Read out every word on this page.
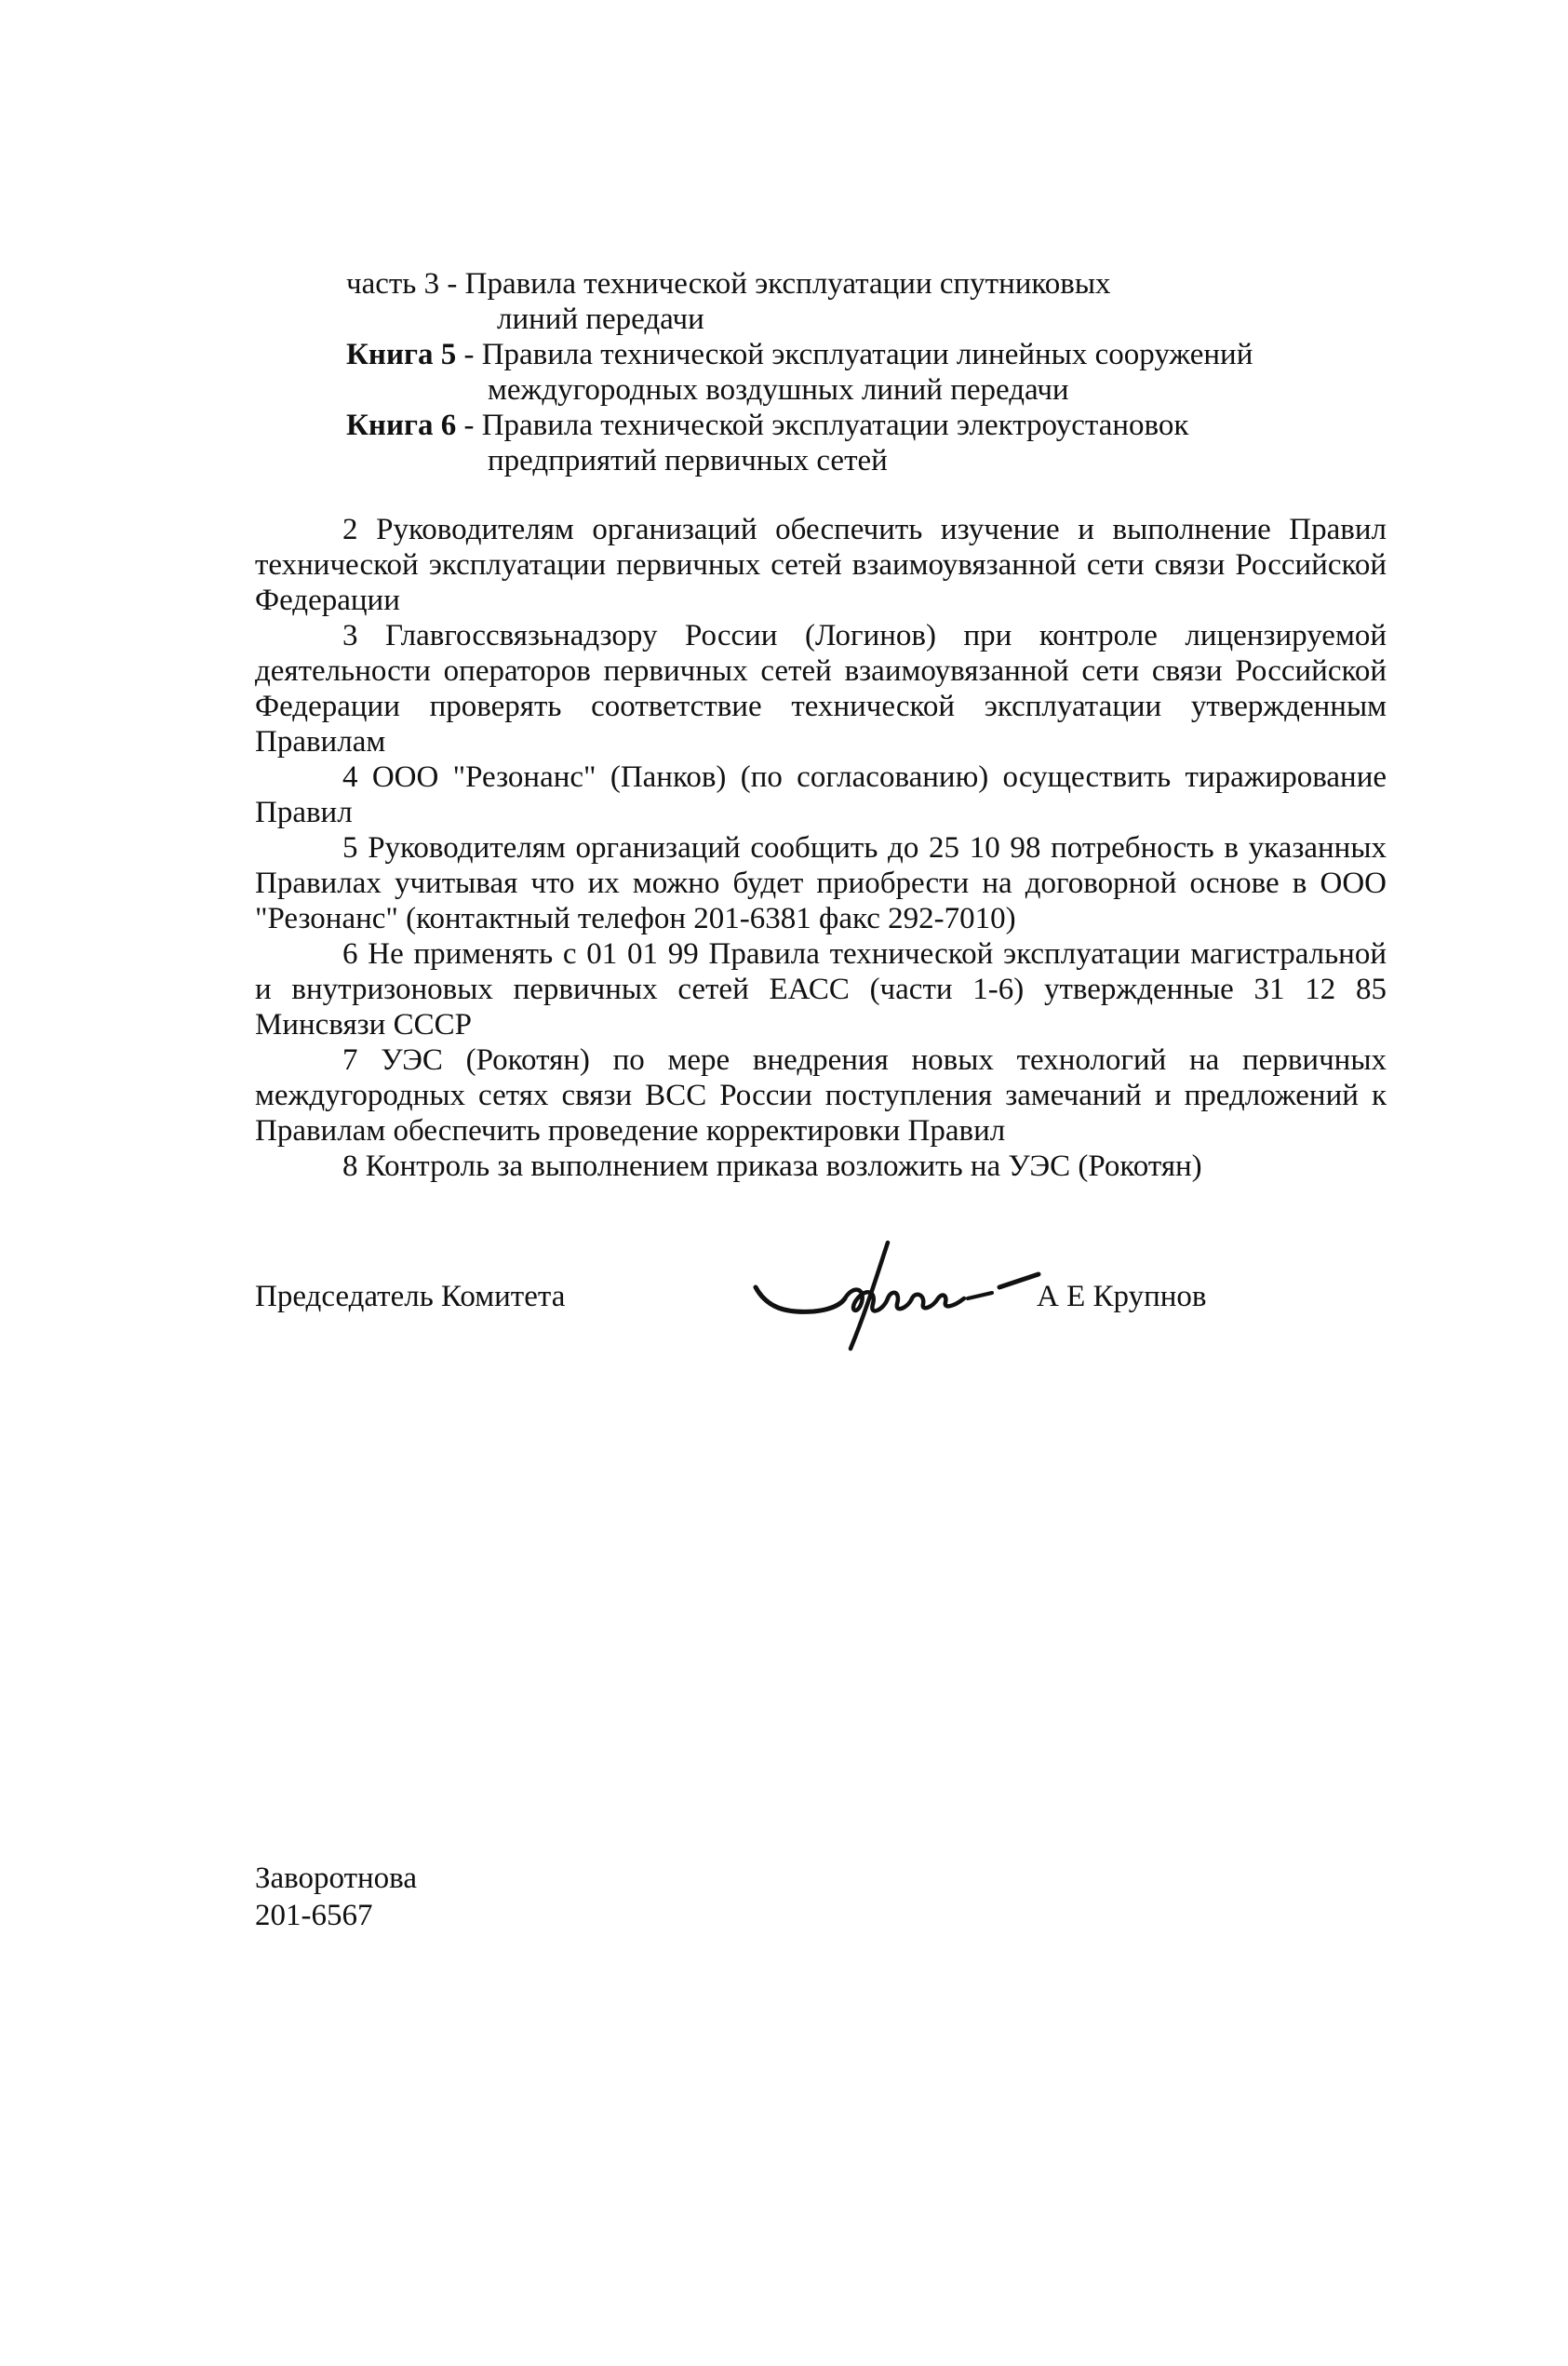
часть 3 - Правила технической эксплуатации спутниковых
линий передачи
Книга 5 - Правила технической эксплуатации линейных сооружений
междугородных воздушных линий передачи
Книга 6 - Правила технической эксплуатации электроустановок
предприятий первичных сетей

2 Руководителям организаций обеспечить изучение и выполнение Правил технической эксплуатации первичных сетей взаимоувязанной сети связи Российской Федерации

3 Главгоссвязьнадзору России (Логинов) при контроле лицензируемой деятельности операторов первичных сетей взаимоувязанной сети связи Российской Федерации проверять соответствие технической эксплуатации утвержденным Правилам

4 ООО "Резонанс" (Панков) (по согласованию) осуществить тиражирование Правил

5 Руководителям организаций сообщить до 25 10 98 потребность в указанных Правилах учитывая что их можно будет приобрести на договорной основе в ООО "Резонанс" (контактный телефон 201-6381 факс 292-7010)

6 Не применять с 01 01 99 Правила технической эксплуатации магистральной и внутризоновых первичных сетей ЕАСС (части 1-6) утвержденные 31 12 85 Минсвязи СССР

7 УЭС (Рокотян) по мере внедрения новых технологий на первичных междугородных сетях связи ВСС России поступления замечаний и предложений к Правилам обеспечить проведение корректировки Правил

8 Контроль за выполнением приказа возложить на УЭС (Рокотян)

Председатель Комитета	А Е Крупнов
Заворотнова
201-6567
